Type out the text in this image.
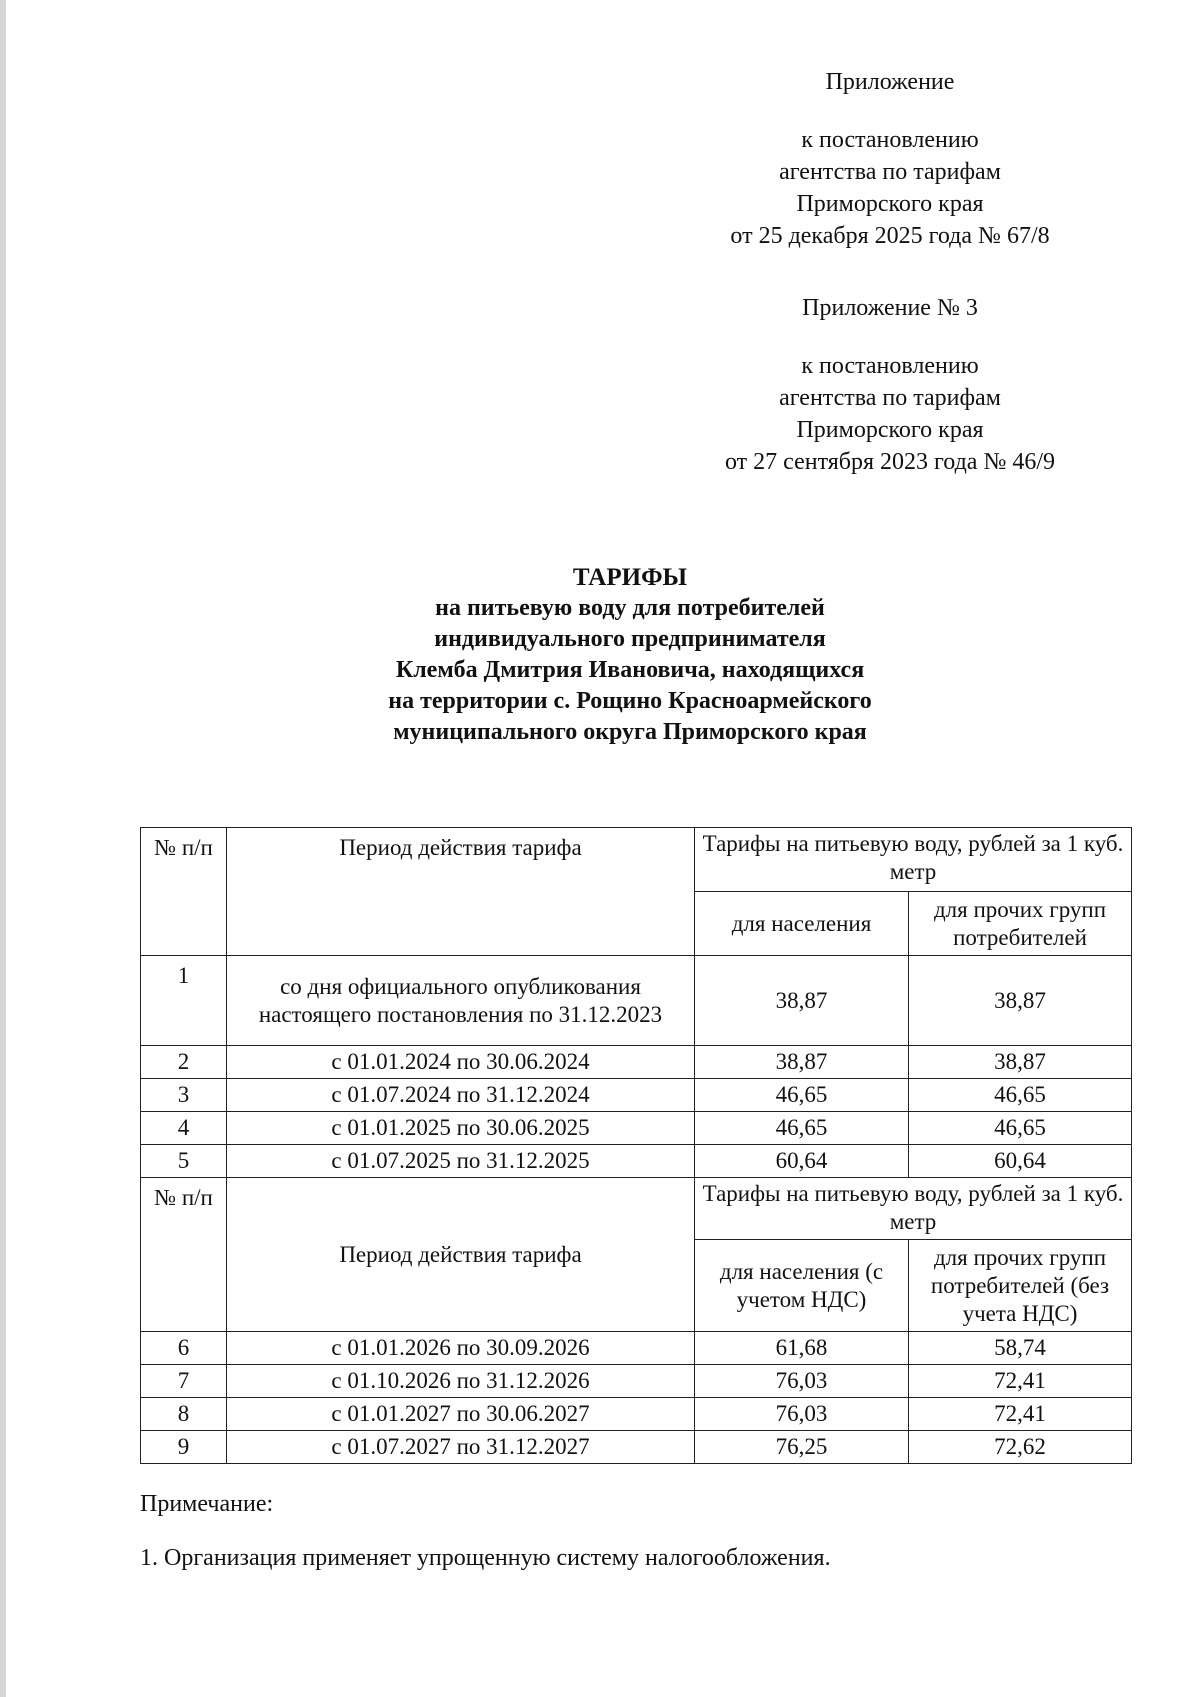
Приложение
к постановлению
агентства по тарифам
Приморского края
от 25 декабря 2025 года № 67/8
Приложение № 3
к постановлению
агентства по тарифам
Приморского края
от 27 сентября 2023 года № 46/9
ТАРИФЫ
на питьевую воду для потребителей
индивидуального предпринимателя
Клемба Дмитрия Ивановича, находящихся
на территории с. Рощино Красноармейского
муниципального округа Приморского края
№ п/п	Период действия тарифа	Тарифы на питьевую воду, рублей за 1 куб. метр	
		для населения	для прочих групп потребителей
1	со дня официального опубликования настоящего постановления по 31.12.2023	38,87	38,87
2	с 01.01.2024 по 30.06.2024	38,87	38,87
3	с 01.07.2024 по 31.12.2024	46,65	46,65
4	с 01.01.2025 по 30.06.2025	46,65	46,65
5	с 01.07.2025 по 31.12.2025	60,64	60,64
№ п/п	Период действия тарифа	Тарифы на питьевую воду, рублей за 1 куб. метр	
		для населения (с учетом НДС)	для прочих групп потребителей (без учета НДС)
6	с 01.01.2026 по 30.09.2026	61,68	58,74
7	с 01.10.2026 по 31.12.2026	76,03	72,41
8	с 01.01.2027 по 30.06.2027	76,03	72,41
9	с 01.07.2027 по 31.12.2027	76,25	72,62
Примечание:
1. Организация применяет упрощенную систему налогообложения.
